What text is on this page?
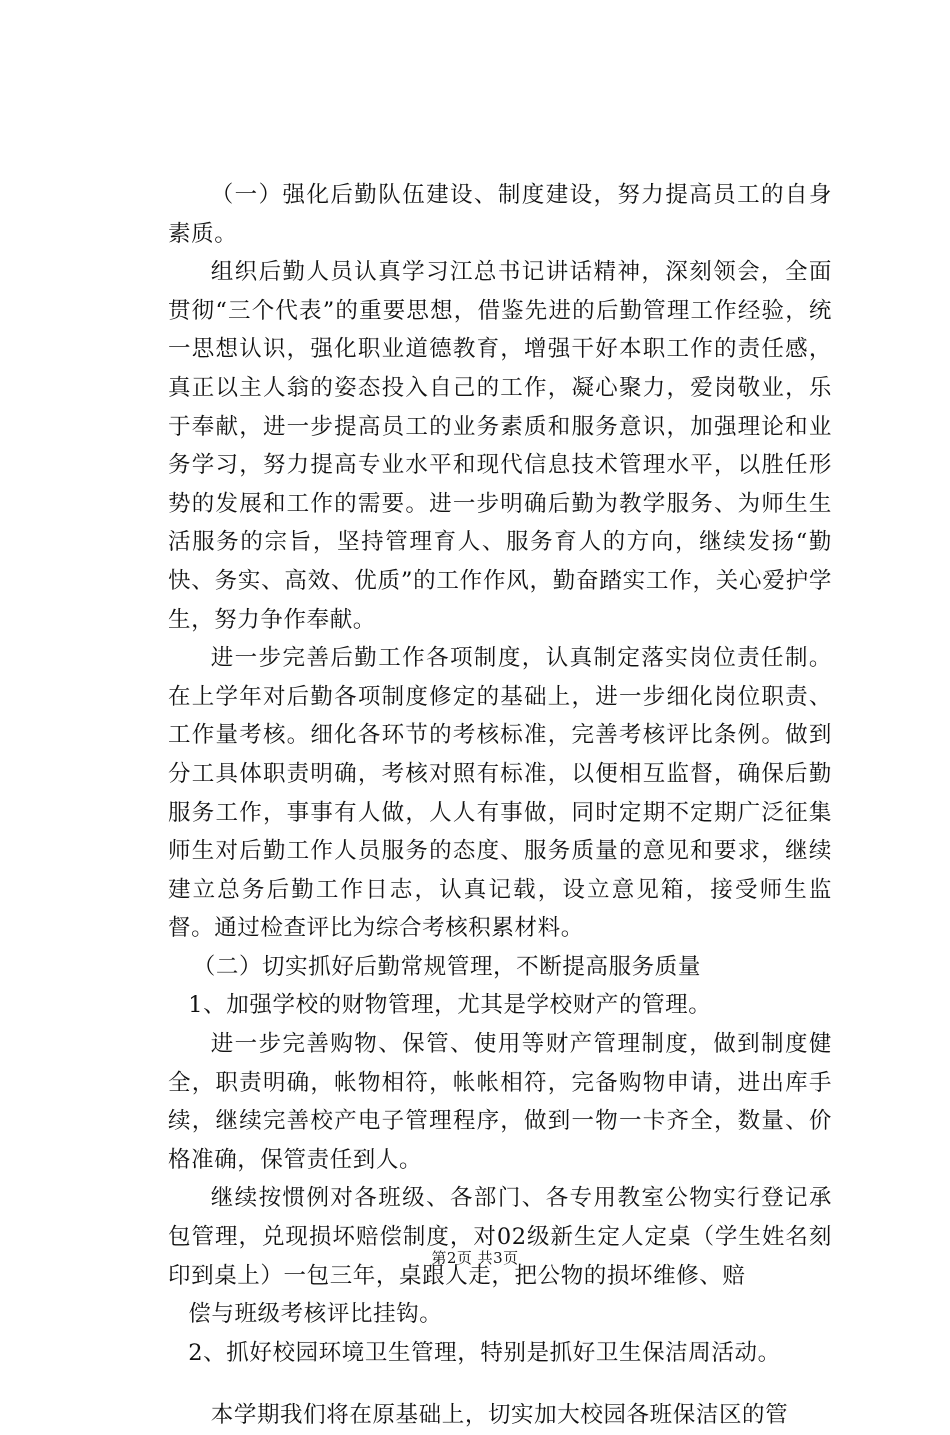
（一）强化后勤队伍建设、制度建设，努力提高员工的自身素质。

组织后勤人员认真学习江总书记讲话精神，深刻领会，全面贯彻“三个代表”的重要思想，借鉴先进的后勤管理工作经验，统一思想认识，强化职业道德教育，增强干好本职工作的责任感，真正以主人翁的姿态投入自己的工作，凝心聚力，爱岗敬业，乐于奉献，进一步提高员工的业务素质和服务意识，加强理论和业务学习，努力提高专业水平和现代信息技术管理水平，以胜任形势的发展和工作的需要。进一步明确后勤为教学服务、为师生生活服务的宗旨，坚持管理育人、服务育人的方向，继续发扬“勤快、务实、高效、优质”的工作作风，勤奋踏实工作，关心爱护学生，努力争作奉献。

进一步完善后勤工作各项制度，认真制定落实岗位责任制。在上学年对后勤各项制度修定的基础上，进一步细化岗位职责、工作量考核。细化各环节的考核标准，完善考核评比条例。做到分工具体职责明确，考核对照有标准，以便相互监督，确保后勤服务工作，事事有人做，人人有事做，同时定期不定期广泛征集师生对后勤工作人员服务的态度、服务质量的意见和要求，继续建立总务后勤工作日志，认真记载，设立意见箱，接受师生监督。通过检查评比为综合考核积累材料。

（二）切实抓好后勤常规管理，不断提高服务质量

1、加强学校的财物管理，尤其是学校财产的管理。

进一步完善购物、保管、使用等财产管理制度，做到制度健全，职责明确，帐物相符，帐帐相符，完备购物申请，进出库手续，继续完善校产电子管理程序，做到一物一卡齐全，数量、价格准确，保管责任到人。

继续按惯例对各班级、各部门、各专用教室公物实行登记承包管理，兑现损坏赔偿制度，对02级新生定人定桌（学生姓名刻印到桌上）一包三年，桌跟人走，把公物的损坏维修、赔

偿与班级考核评比挂钩。

2、抓好校园环境卫生管理，特别是抓好卫生保洁周活动。

本学期我们将在原基础上，切实加大校园各班保洁区的管

第2页 共3页
